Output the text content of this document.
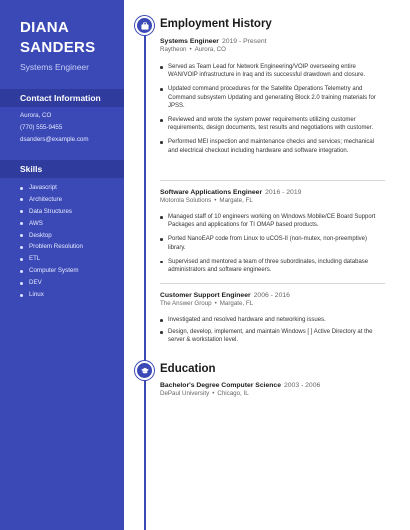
DIANA
SANDERS
Systems Engineer
Contact Information
Aurora, CO
(770) 555-9455
dsanders@example.com
Skills
Javascript
Architecture
Data Structures
AWS
Desktop
Problem Resolution
ETL
Computer System
DEV
Linux
Employment History
Systems Engineer 2019 - Present
Raytheon • Aurora, CO
Served as Team Lead for Network Engineering/VOIP overseeing entire WAN/VOIP infrastructure in Iraq and its successful drawdown and closure.
Updated command procedures for the Satellite Operations Telemetry and Command subsystem Updating and generating Block 2.0 training materials for JPSS.
Reviewed and wrote the system power requirements utilizing customer requirements, design documents, test results and negotiations with customer.
Performed MEI inspection and maintenance checks and services; mechanical and electrical checkout including hardware and software integration.
Software Applications Engineer 2016 - 2019
Motorola Solutions • Margate, FL
Managed staff of 10 engineers working on Windows Mobile/CE Board Support Packages and applications for TI OMAP based products.
Ported NanoEAP code from Linux to uCOS-II (non-mutex, non-preemptive) library.
Supervised and mentored a team of three subordinates, including database administrators and software engineers.
Customer Support Engineer 2006 - 2016
The Answer Group • Margate, FL
Investigated and resolved hardware and networking issues.
Design, develop, implement, and maintain Windows [ ] Active Directory at the server & workstation level.
Education
Bachelor's Degree Computer Science 2003 - 2006
DePaul University • Chicago, IL
